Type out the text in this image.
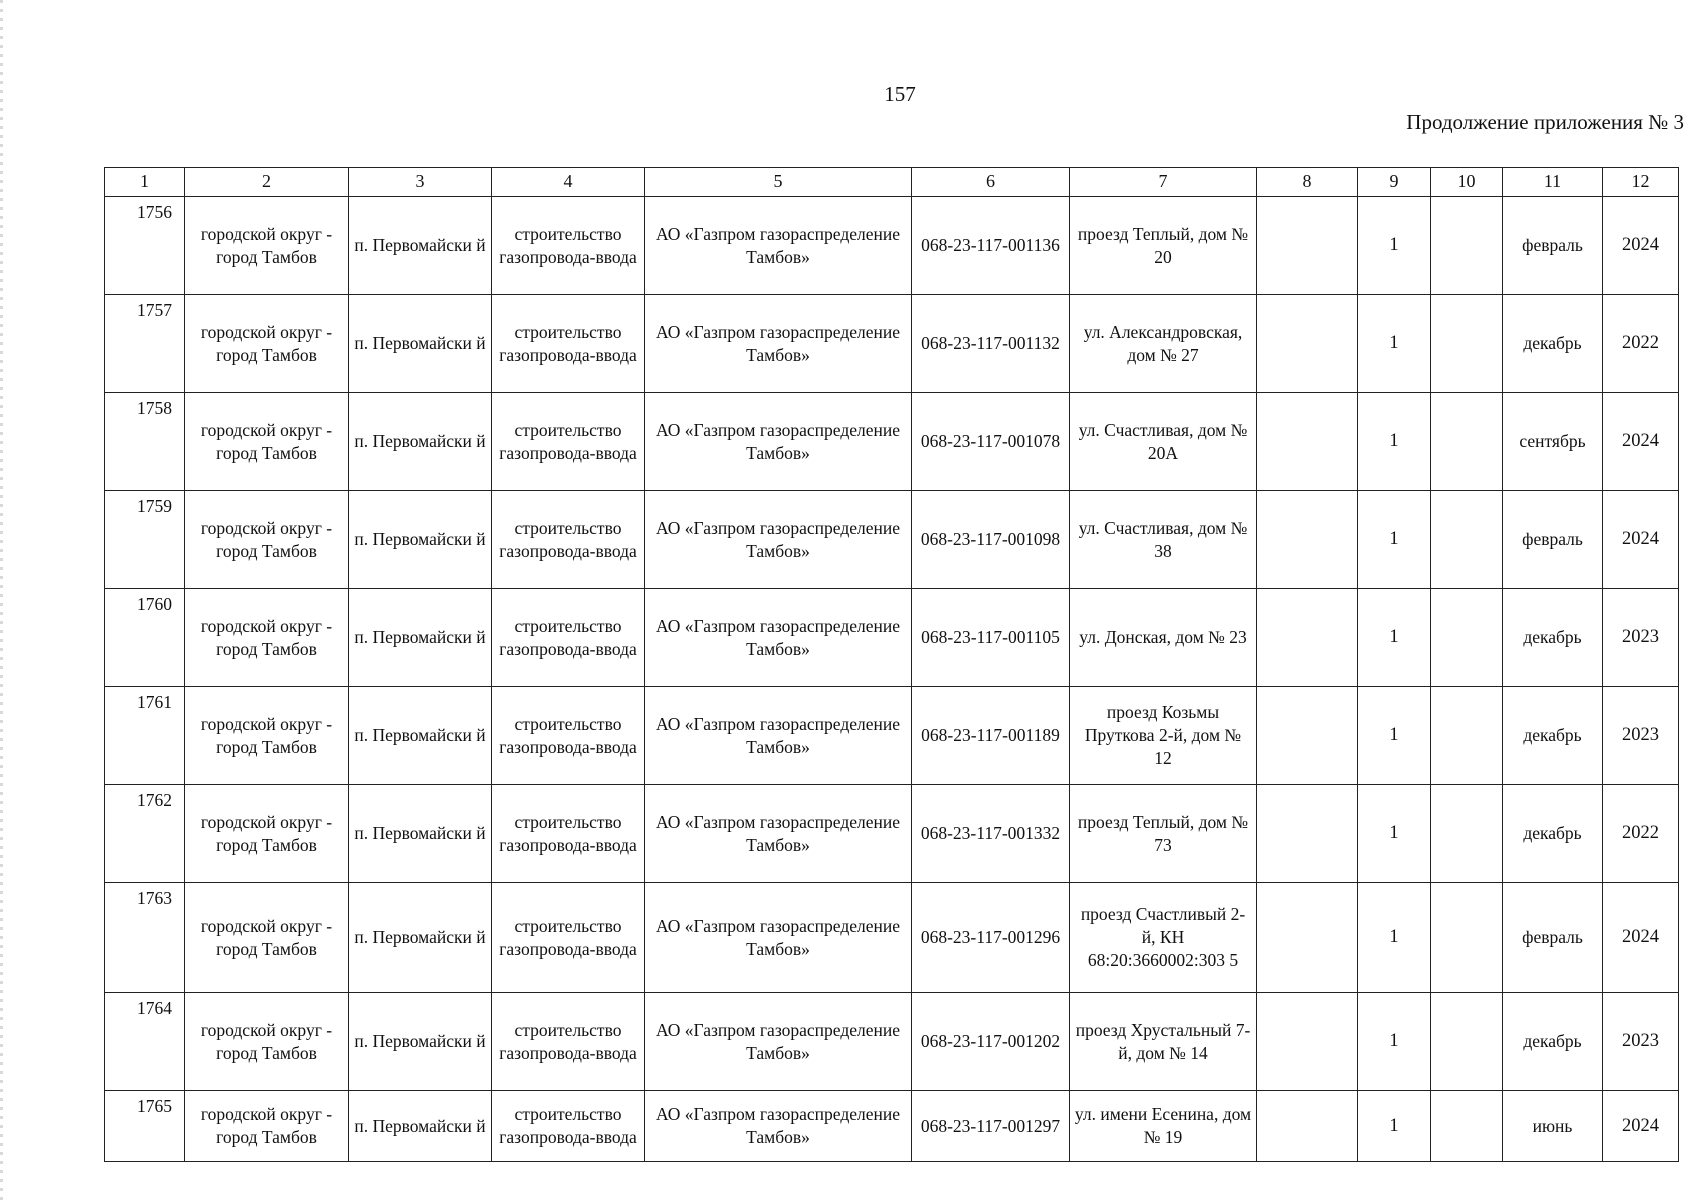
157
Продолжение приложения № 3
1	2	3	4	5	6	7	8	9	10	11	12

1756	городской округ - город Тамбов	п. Первомайски й	строительство газопровода-ввода	АО «Газпром газораспределение Тамбов»	068-23-117-001136	проезд Теплый, дом № 20		1		февраль	2024

1757	городской округ - город Тамбов	п. Первомайски й	строительство газопровода-ввода	АО «Газпром газораспределение Тамбов»	068-23-117-001132	ул. Александровская, дом № 27		1		декабрь	2022

1758	городской округ - город Тамбов	п. Первомайски й	строительство газопровода-ввода	АО «Газпром газораспределение Тамбов»	068-23-117-001078	ул. Счастливая, дом № 20А		1		сентябрь	2024

1759	городской округ - город Тамбов	п. Первомайски й	строительство газопровода-ввода	АО «Газпром газораспределение Тамбов»	068-23-117-001098	ул. Счастливая, дом № 38		1		февраль	2024

1760	городской округ - город Тамбов	п. Первомайски й	строительство газопровода-ввода	АО «Газпром газораспределение Тамбов»	068-23-117-001105	ул. Донская, дом № 23		1		декабрь	2023

1761	городской округ - город Тамбов	п. Первомайски й	строительство газопровода-ввода	АО «Газпром газораспределение Тамбов»	068-23-117-001189	проезд Козьмы Пруткова 2-й, дом № 12		1		декабрь	2023

1762	городской округ - город Тамбов	п. Первомайски й	строительство газопровода-ввода	АО «Газпром газораспределение Тамбов»	068-23-117-001332	проезд Теплый, дом № 73		1		декабрь	2022

1763	городской округ - город Тамбов	п. Первомайски й	строительство газопровода-ввода	АО «Газпром газораспределение Тамбов»	068-23-117-001296	проезд Счастливый 2-й, КН 68:20:3660002:303 5		1		февраль	2024

1764	городской округ - город Тамбов	п. Первомайски й	строительство газопровода-ввода	АО «Газпром газораспределение Тамбов»	068-23-117-001202	проезд Хрустальный 7-й, дом № 14		1		декабрь	2023

1765	городской округ - город Тамбов	п. Первомайски й	строительство газопровода-ввода	АО «Газпром газораспределение Тамбов»	068-23-117-001297	ул. имени Есенина, дом № 19		1		июнь	2024
